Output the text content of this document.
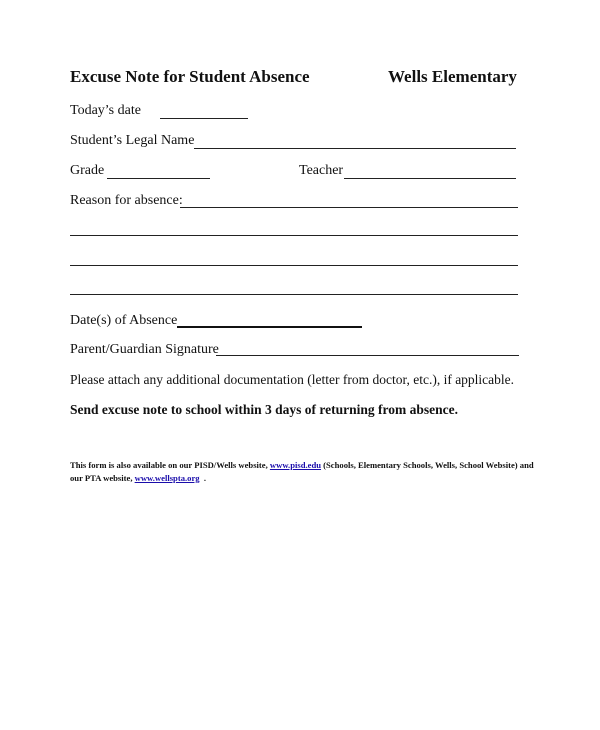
Excuse Note for Student Absence	Wells Elementary
Today’s date
Student’s Legal Name
Grade	Teacher
Reason for absence:
Date(s) of Absence
Parent/Guardian Signature
Please attach any additional documentation (letter from doctor, etc.), if applicable.
Send excuse note to school within 3 days of returning from absence.
This form is also available on our PISD/Wells website, www.pisd.edu (Schools, Elementary Schools, Wells, School Website) and our PTA website, www.wellspta.org  .
